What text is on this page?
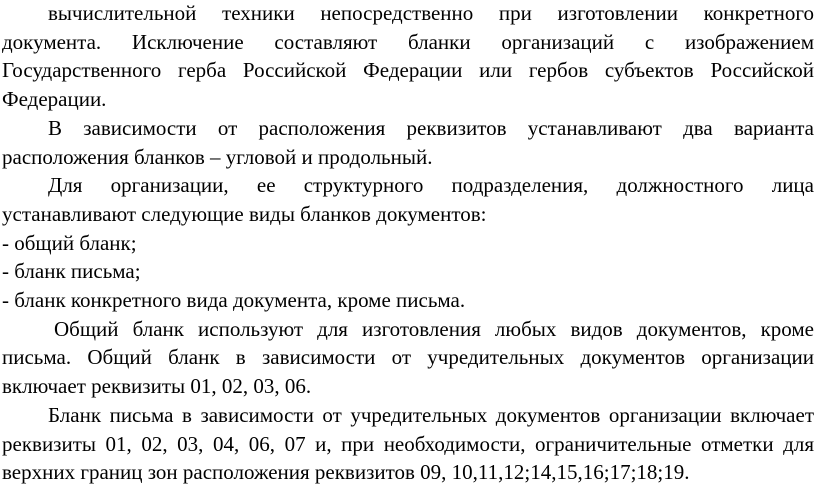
вычислительной техники непосредственно при изготовлении конкретного документа. Исключение составляют бланки организаций с изображением Государственного герба Российской Федерации или гербов субъектов Российской Федерации.

В зависимости от расположения реквизитов устанавливают два варианта расположения бланков – угловой и продольный.

Для организации, ее структурного подразделения, должностного лица устанавливают следующие виды бланков документов:

- общий бланк;

- бланк письма;

- бланк конкретного вида документа, кроме письма.

Общий бланк используют для изготовления любых видов документов, кроме письма. Общий бланк в зависимости от учредительных документов организации включает реквизиты 01, 02, 03, 06.

Бланк письма в зависимости от учредительных документов организации включает реквизиты 01, 02, 03, 04, 06, 07 и, при необходимости, ограничительные отметки для верхних границ зон расположения реквизитов 09, 10,11,12;14,15,16;17;18;19.
